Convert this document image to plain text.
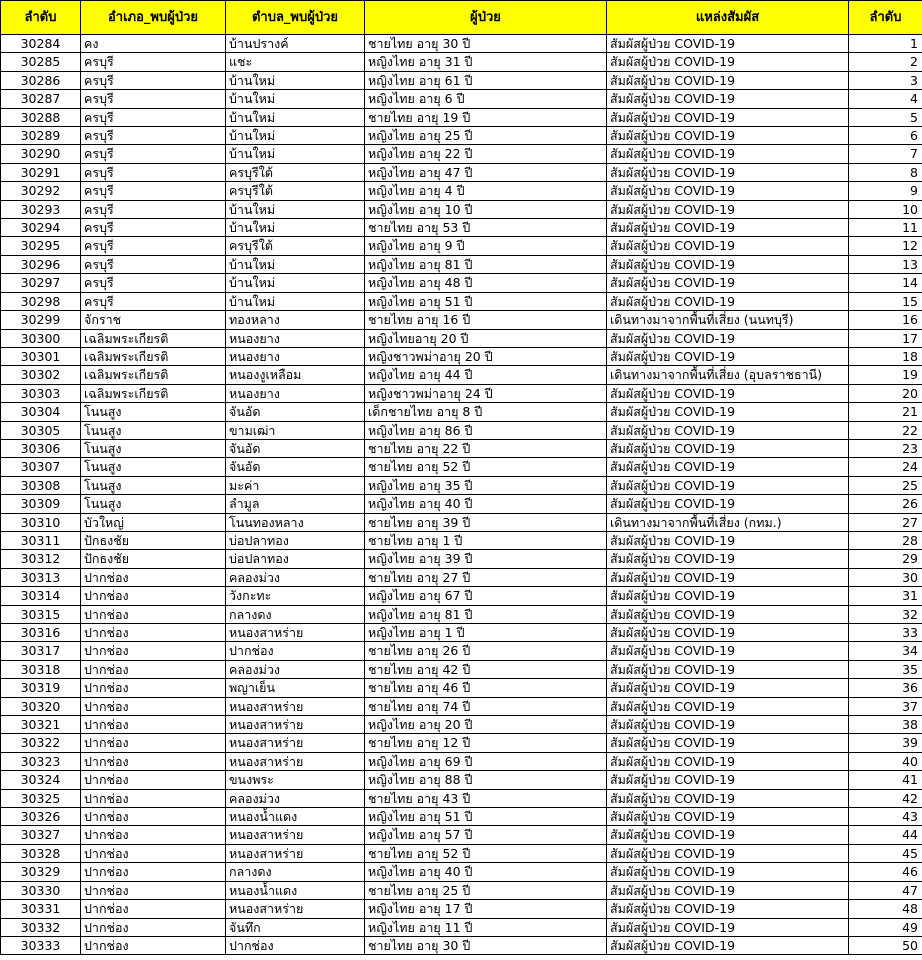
ลำดับ	อำเภอ_พบผู้ป่วย	ตำบล_พบผู้ป่วย	ผู้ป่วย	แหล่งสัมผัส	ลำดับ
30284	คง	บ้านปรางค์	ชายไทย อายุ 30 ปี	สัมผัสผู้ป่วย COVID-19	1
30285	ครบุรี	แชะ	หญิงไทย อายุ 31 ปี	สัมผัสผู้ป่วย COVID-19	2
30286	ครบุรี	บ้านใหม่	หญิงไทย อายุ 61 ปี	สัมผัสผู้ป่วย COVID-19	3
30287	ครบุรี	บ้านใหม่	หญิงไทย อายุ 6 ปี	สัมผัสผู้ป่วย COVID-19	4
30288	ครบุรี	บ้านใหม่	ชายไทย อายุ 19 ปี	สัมผัสผู้ป่วย COVID-19	5
30289	ครบุรี	บ้านใหม่	หญิงไทย อายุ 25 ปี	สัมผัสผู้ป่วย COVID-19	6
30290	ครบุรี	บ้านใหม่	หญิงไทย อายุ 22 ปี	สัมผัสผู้ป่วย COVID-19	7
30291	ครบุรี	ครบุรีใต้	หญิงไทย อายุ 47 ปี	สัมผัสผู้ป่วย COVID-19	8
30292	ครบุรี	ครบุรีใต้	หญิงไทย อายุ 4 ปี	สัมผัสผู้ป่วย COVID-19	9
30293	ครบุรี	บ้านใหม่	หญิงไทย อายุ 10 ปี	สัมผัสผู้ป่วย COVID-19	10
30294	ครบุรี	บ้านใหม่	ชายไทย อายุ 53 ปี	สัมผัสผู้ป่วย COVID-19	11
30295	ครบุรี	ครบุรีใต้	หญิงไทย อายุ 9 ปี	สัมผัสผู้ป่วย COVID-19	12
30296	ครบุรี	บ้านใหม่	หญิงไทย อายุ 81 ปี	สัมผัสผู้ป่วย COVID-19	13
30297	ครบุรี	บ้านใหม่	หญิงไทย อายุ 48 ปี	สัมผัสผู้ป่วย COVID-19	14
30298	ครบุรี	บ้านใหม่	หญิงไทย อายุ 51 ปี	สัมผัสผู้ป่วย COVID-19	15
30299	จักราช	ทองหลาง	ชายไทย อายุ 16 ปี	เดินทางมาจากพื้นที่เสี่ยง (นนทบุรี)	16
30300	เฉลิมพระเกียรติ	หนองยาง	หญิงไทยอายุ 20 ปี	สัมผัสผู้ป่วย COVID-19	17
30301	เฉลิมพระเกียรติ	หนองยาง	หญิงชาวพม่าอายุ 20 ปี	สัมผัสผู้ป่วย COVID-19	18
30302	เฉลิมพระเกียรติ	หนองงูเหลือม	หญิงไทย อายุ 44 ปี	เดินทางมาจากพื้นที่เสี่ยง (อุบลราชธานี)	19
30303	เฉลิมพระเกียรติ	หนองยาง	หญิงชาวพม่าอายุ 24 ปี	สัมผัสผู้ป่วย COVID-19	20
30304	โนนสูง	จันอัด	เด็กชายไทย อายุ 8 ปี	สัมผัสผู้ป่วย COVID-19	21
30305	โนนสูง	ขามเฒ่า	หญิงไทย อายุ 86 ปี	สัมผัสผู้ป่วย COVID-19	22
30306	โนนสูง	จันอัด	ชายไทย อายุ 22 ปี	สัมผัสผู้ป่วย COVID-19	23
30307	โนนสูง	จันอัด	ชายไทย อายุ 52 ปี	สัมผัสผู้ป่วย COVID-19	24
30308	โนนสูง	มะค่า	หญิงไทย อายุ 35 ปี	สัมผัสผู้ป่วย COVID-19	25
30309	โนนสูง	ลำมูล	หญิงไทย อายุ 40 ปี	สัมผัสผู้ป่วย COVID-19	26
30310	บัวใหญ่	โนนทองหลาง	ชายไทย อายุ 39 ปี	เดินทางมาจากพื้นที่เสี่ยง (กทม.)	27
30311	ปักธงชัย	บ่อปลาทอง	ชายไทย อายุ 1 ปี	สัมผัสผู้ป่วย COVID-19	28
30312	ปักธงชัย	บ่อปลาทอง	หญิงไทย อายุ 39 ปี	สัมผัสผู้ป่วย COVID-19	29
30313	ปากช่อง	คลองม่วง	ชายไทย อายุ 27 ปี	สัมผัสผู้ป่วย COVID-19	30
30314	ปากช่อง	วังกะทะ	หญิงไทย อายุ 67 ปี	สัมผัสผู้ป่วย COVID-19	31
30315	ปากช่อง	กลางดง	หญิงไทย อายุ 81 ปี	สัมผัสผู้ป่วย COVID-19	32
30316	ปากช่อง	หนองสาหร่าย	หญิงไทย อายุ 1 ปี	สัมผัสผู้ป่วย COVID-19	33
30317	ปากช่อง	ปากช่อง	ชายไทย อายุ 26 ปี	สัมผัสผู้ป่วย COVID-19	34
30318	ปากช่อง	คลองม่วง	ชายไทย อายุ 42 ปี	สัมผัสผู้ป่วย COVID-19	35
30319	ปากช่อง	พญาเย็น	ชายไทย อายุ 46 ปี	สัมผัสผู้ป่วย COVID-19	36
30320	ปากช่อง	หนองสาหร่าย	ชายไทย อายุ 74 ปี	สัมผัสผู้ป่วย COVID-19	37
30321	ปากช่อง	หนองสาหร่าย	หญิงไทย อายุ 20 ปี	สัมผัสผู้ป่วย COVID-19	38
30322	ปากช่อง	หนองสาหร่าย	ชายไทย อายุ 12 ปี	สัมผัสผู้ป่วย COVID-19	39
30323	ปากช่อง	หนองสาหร่าย	หญิงไทย อายุ 69 ปี	สัมผัสผู้ป่วย COVID-19	40
30324	ปากช่อง	ขนงพระ	หญิงไทย อายุ 88 ปี	สัมผัสผู้ป่วย COVID-19	41
30325	ปากช่อง	คลองม่วง	ชายไทย อายุ 43 ปี	สัมผัสผู้ป่วย COVID-19	42
30326	ปากช่อง	หนองน้ำแดง	หญิงไทย อายุ 51 ปี	สัมผัสผู้ป่วย COVID-19	43
30327	ปากช่อง	หนองสาหร่าย	หญิงไทย อายุ 57 ปี	สัมผัสผู้ป่วย COVID-19	44
30328	ปากช่อง	หนองสาหร่าย	ชายไทย อายุ 52 ปี	สัมผัสผู้ป่วย COVID-19	45
30329	ปากช่อง	กลางดง	หญิงไทย อายุ 40 ปี	สัมผัสผู้ป่วย COVID-19	46
30330	ปากช่อง	หนองน้ำแดง	ชายไทย อายุ 25 ปี	สัมผัสผู้ป่วย COVID-19	47
30331	ปากช่อง	หนองสาหร่าย	หญิงไทย อายุ 17 ปี	สัมผัสผู้ป่วย COVID-19	48
30332	ปากช่อง	จันทึก	หญิงไทย อายุ 11 ปี	สัมผัสผู้ป่วย COVID-19	49
30333	ปากช่อง	ปากช่อง	ชายไทย อายุ 30 ปี	สัมผัสผู้ป่วย COVID-19	50
